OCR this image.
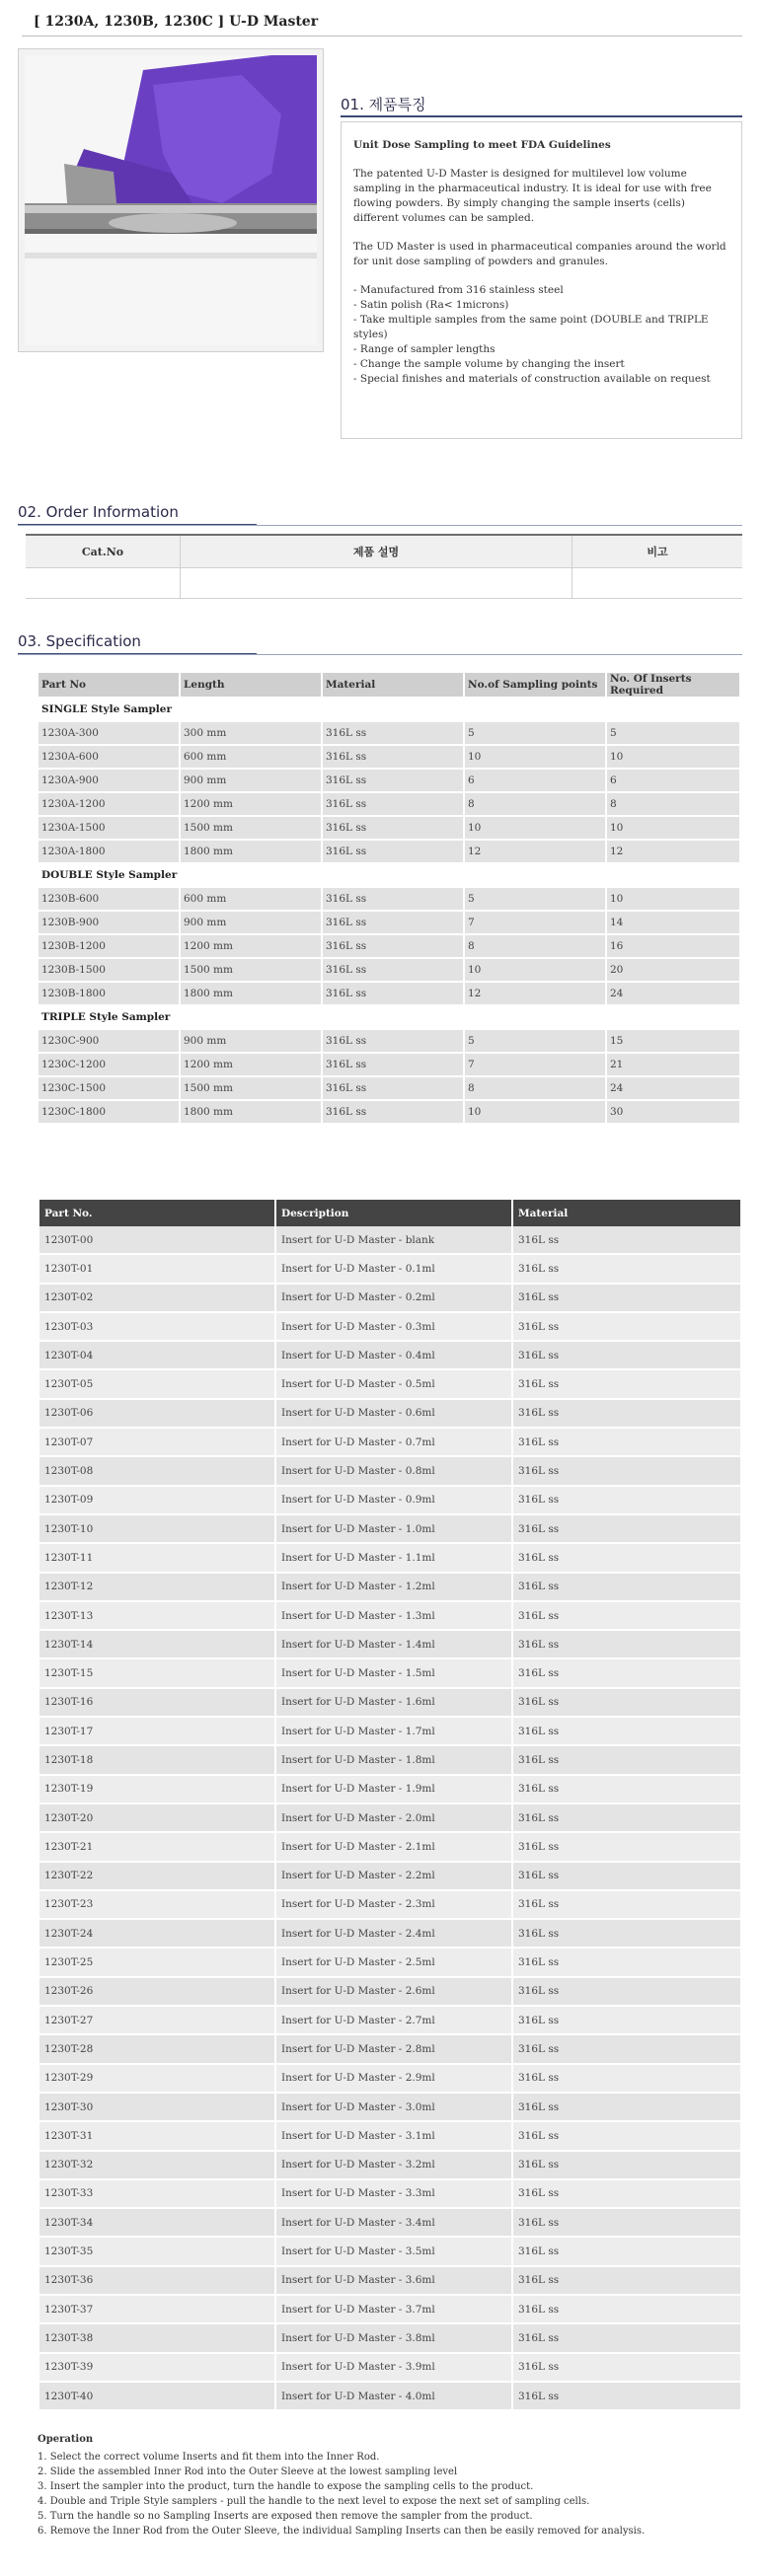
[ 1230A, 1230B, 1230C ] U-D Master
01. 제품특징
Unit Dose Sampling to meet FDA Guidelines

The patented U-D Master is designed for multilevel low volume sampling in the pharmaceutical industry. It is ideal for use with free flowing powders. By simply changing the sample inserts (cells) different volumes can be sampled.

The UD Master is used in pharmaceutical companies around the world for unit dose sampling of powders and granules.

- Manufactured from 316 stainless steel
- Satin polish (Ra< 1microns)
- Take multiple samples from the same point (DOUBLE and TRIPLE styles)
- Range of sampler lengths
- Change the sample volume by changing the insert
- Special finishes and materials of construction available on request
02. Order Information
Cat.No	제품 설명	비고

03. Specification
Part No	Length	Material	No.of Sampling points	No. Of Inserts Required
SINGLE Style Sampler				
1230A-300	300 mm	316L ss	5	5
1230A-600	600 mm	316L ss	10	10
1230A-900	900 mm	316L ss	6	6
1230A-1200	1200 mm	316L ss	8	8
1230A-1500	1500 mm	316L ss	10	10
1230A-1800	1800 mm	316L ss	12	12
DOUBLE Style Sampler				
1230B-600	600 mm	316L ss	5	10
1230B-900	900 mm	316L ss	7	14
1230B-1200	1200 mm	316L ss	8	16
1230B-1500	1500 mm	316L ss	10	20
1230B-1800	1800 mm	316L ss	12	24
TRIPLE Style Sampler				
1230C-900	900 mm	316L ss	5	15
1230C-1200	1200 mm	316L ss	7	21
1230C-1500	1500 mm	316L ss	8	24
1230C-1800	1800 mm	316L ss	10	30
Part No.	Description	Material
1230T-00	Insert for U-D Master - blank	316L ss
1230T-01	Insert for U-D Master - 0.1ml	316L ss
1230T-02	Insert for U-D Master - 0.2ml	316L ss
1230T-03	Insert for U-D Master - 0.3ml	316L ss
1230T-04	Insert for U-D Master - 0.4ml	316L ss
1230T-05	Insert for U-D Master - 0.5ml	316L ss
1230T-06	Insert for U-D Master - 0.6ml	316L ss
1230T-07	Insert for U-D Master - 0.7ml	316L ss
1230T-08	Insert for U-D Master - 0.8ml	316L ss
1230T-09	Insert for U-D Master - 0.9ml	316L ss
1230T-10	Insert for U-D Master - 1.0ml	316L ss
1230T-11	Insert for U-D Master - 1.1ml	316L ss
1230T-12	Insert for U-D Master - 1.2ml	316L ss
1230T-13	Insert for U-D Master - 1.3ml	316L ss
1230T-14	Insert for U-D Master - 1.4ml	316L ss
1230T-15	Insert for U-D Master - 1.5ml	316L ss
1230T-16	Insert for U-D Master - 1.6ml	316L ss
1230T-17	Insert for U-D Master - 1.7ml	316L ss
1230T-18	Insert for U-D Master - 1.8ml	316L ss
1230T-19	Insert for U-D Master - 1.9ml	316L ss
1230T-20	Insert for U-D Master - 2.0ml	316L ss
1230T-21	Insert for U-D Master - 2.1ml	316L ss
1230T-22	Insert for U-D Master - 2.2ml	316L ss
1230T-23	Insert for U-D Master - 2.3ml	316L ss
1230T-24	Insert for U-D Master - 2.4ml	316L ss
1230T-25	Insert for U-D Master - 2.5ml	316L ss
1230T-26	Insert for U-D Master - 2.6ml	316L ss
1230T-27	Insert for U-D Master - 2.7ml	316L ss
1230T-28	Insert for U-D Master - 2.8ml	316L ss
1230T-29	Insert for U-D Master - 2.9ml	316L ss
1230T-30	Insert for U-D Master - 3.0ml	316L ss
1230T-31	Insert for U-D Master - 3.1ml	316L ss
1230T-32	Insert for U-D Master - 3.2ml	316L ss
1230T-33	Insert for U-D Master - 3.3ml	316L ss
1230T-34	Insert for U-D Master - 3.4ml	316L ss
1230T-35	Insert for U-D Master - 3.5ml	316L ss
1230T-36	Insert for U-D Master - 3.6ml	316L ss
1230T-37	Insert for U-D Master - 3.7ml	316L ss
1230T-38	Insert for U-D Master - 3.8ml	316L ss
1230T-39	Insert for U-D Master - 3.9ml	316L ss
1230T-40	Insert for U-D Master - 4.0ml	316L ss
Operation
1. Select the correct volume Inserts and fit them into the Inner Rod.
2. Slide the assembled Inner Rod into the Outer Sleeve at the lowest sampling level
3. Insert the sampler into the product, turn the handle to expose the sampling cells to the product.
4. Double and Triple Style samplers - pull the handle to the next level to expose the next set of sampling cells.
5. Turn the handle so no Sampling Inserts are exposed then remove the sampler from the product.
6. Remove the Inner Rod from the Outer Sleeve, the individual Sampling Inserts can then be easily removed for analysis.
